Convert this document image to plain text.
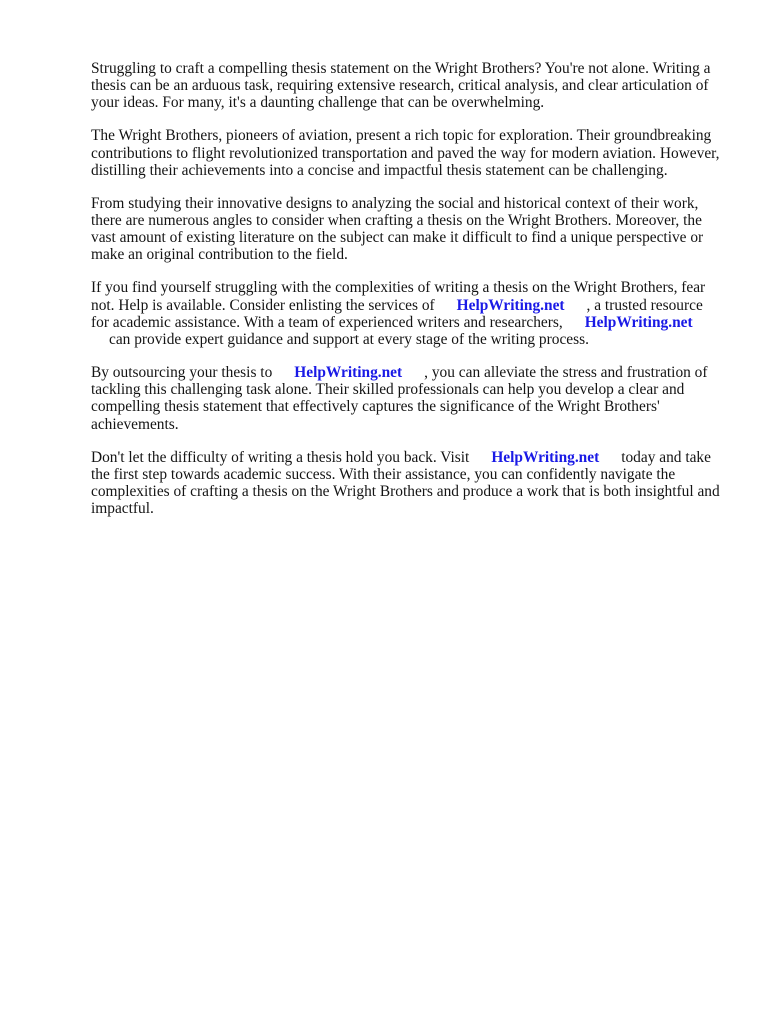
Struggling to craft a compelling thesis statement on the Wright Brothers? You're not alone. Writing a thesis can be an arduous task, requiring extensive research, critical analysis, and clear articulation of your ideas. For many, it's a daunting challenge that can be overwhelming.

The Wright Brothers, pioneers of aviation, present a rich topic for exploration. Their groundbreaking contributions to flight revolutionized transportation and paved the way for modern aviation. However, distilling their achievements into a concise and impactful thesis statement can be challenging.

From studying their innovative designs to analyzing the social and historical context of their work, there are numerous angles to consider when crafting a thesis on the Wright Brothers. Moreover, the vast amount of existing literature on the subject can make it difficult to find a unique perspective or make an original contribution to the field.

If you find yourself struggling with the complexities of writing a thesis on the Wright Brothers, fear not. Help is available. Consider enlisting the services of HelpWriting.net , a trusted resource for academic assistance. With a team of experienced writers and researchers, HelpWriting.net
can provide expert guidance and support at every stage of the writing process.

By outsourcing your thesis to HelpWriting.net , you can alleviate the stress and frustration of tackling this challenging task alone. Their skilled professionals can help you develop a clear and compelling thesis statement that effectively captures the significance of the Wright Brothers' achievements.

Don't let the difficulty of writing a thesis hold you back. Visit HelpWriting.net today and take the first step towards academic success. With their assistance, you can confidently navigate the complexities of crafting a thesis on the Wright Brothers and produce a work that is both insightful and impactful.
